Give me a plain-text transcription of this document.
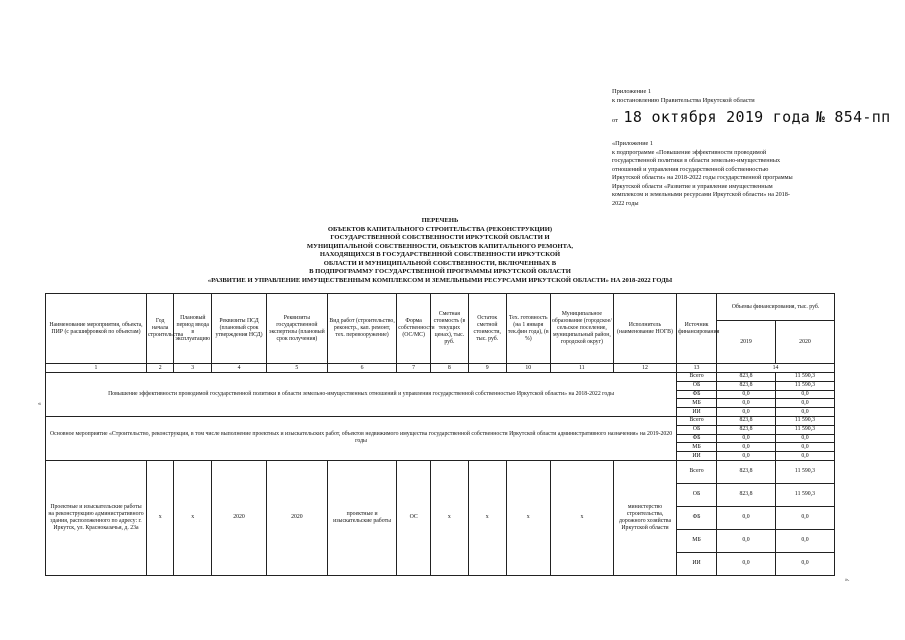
Приложение 1
к постановлению Правительства Иркутской области
от 18 октября 2019 года № 854-пп
«Приложение 1
к подпрограмме «Повышение эффективности проводимой
государственной политики в области земельно-имущественных
отношений и управления государственной собственностью
Иркутской области» на 2018-2022 годы государственной программы
Иркутской области «Развитие и управление имущественным
комплексом и земельными ресурсами Иркутской области» на 2018-
2022 годы
ПЕРЕЧЕНЬ
ОБЪЕКТОВ КАПИТАЛЬНОГО СТРОИТЕЛЬСТВА (РЕКОНСТРУКЦИИ)
ГОСУДАРСТВЕННОЙ СОБСТВЕННОСТИ ИРКУТСКОЙ ОБЛАСТИ И
МУНИЦИПАЛЬНОЙ СОБСТВЕННОСТИ, ОБЪЕКТОВ КАПИТАЛЬНОГО РЕМОНТА,
НАХОДЯЩИХСЯ В ГОСУДАРСТВЕННОЙ СОБСТВЕННОСТИ ИРКУТСКОЙ
ОБЛАСТИ И МУНИЦИПАЛЬНОЙ СОБСТВЕННОСТИ, ВКЛЮЧЕННЫХ В
В ПОДПРОГРАММУ ГОСУДАРСТВЕННОЙ ПРОГРАММЫ ИРКУТСКОЙ ОБЛАСТИ
«РАЗВИТИЕ И УПРАВЛЕНИЕ ИМУЩЕСТВЕННЫМ КОМПЛЕКСОМ И ЗЕМЕЛЬНЫМИ РЕСУРСАМИ ИРКУТСКОЙ ОБЛАСТИ» НА 2018-2022 ГОДЫ
«
Наименование мероприятия, объекта, ПИР (с расшифровкой по объектам)	Год начала строительства	Плановый период ввода в эксплуатацию	Реквизиты ПСД (плановый срок утверждения НСД)	Реквизиты государственной экспертизы (плановый срок получения)	Вид работ (строительство, реконстр., кап. ремонт, тех. перевооружение)	Форма собственности (ОС/МС)	Сметная стоимость (в текущих ценах), тыс. руб.	Остаток сметной стоимости, тыс. руб.	Тех. готовность (на 1 января тек.фин годa), (в %)	Муниципальное образование (городское/сельское поселение, муниципальный район, городской округ)	Исполнитель (наименование НОГВ)	Источник финансирования	Объемы финансирования, тыс. руб.	
													2019	2020
1	2	3	4	5	6	7	8	9	10	11	12	13	14	
Повышение эффективности проводимой государственной политики в области земельно-имущественных отношений и управления государственной собственностью Иркутской области» на 2018-2022 годы												Всего	823,8	11 590,3
												ОБ	823,8	11 590,3
												ФБ	0,0	0,0
												МБ	0,0	0,0
												ИИ	0,0	0,0
Основное мероприятие «Строительство, реконструкция, в том числе выполнение проектных и изыскательских работ, объектов недвижимого имущества государственной собственности Иркутской области административного назначения» на 2019-2020 годы												Всего	823,8	11 590,3
												ОБ	823,8	11 590,3
												ФБ	0,0	0,0
												МБ	0,0	0,0
												ИИ	0,0	0,0
Проектные и изыскательские работы на реконструкцию административного здания, расположенного по адресу: г. Иркутск, ул. Красноказачья, д. 23а	х	х	2020	2020	проектные и изыскательские работы	ОС	х	х	х	х	министерство строительства, дорожного хозяйства Иркутской области	Всего	823,8	11 590,3
												ОБ	823,8	11 590,3
												ФБ	0,0	0,0
												МБ	0,0	0,0
												ИИ	0,0	0,0
».
